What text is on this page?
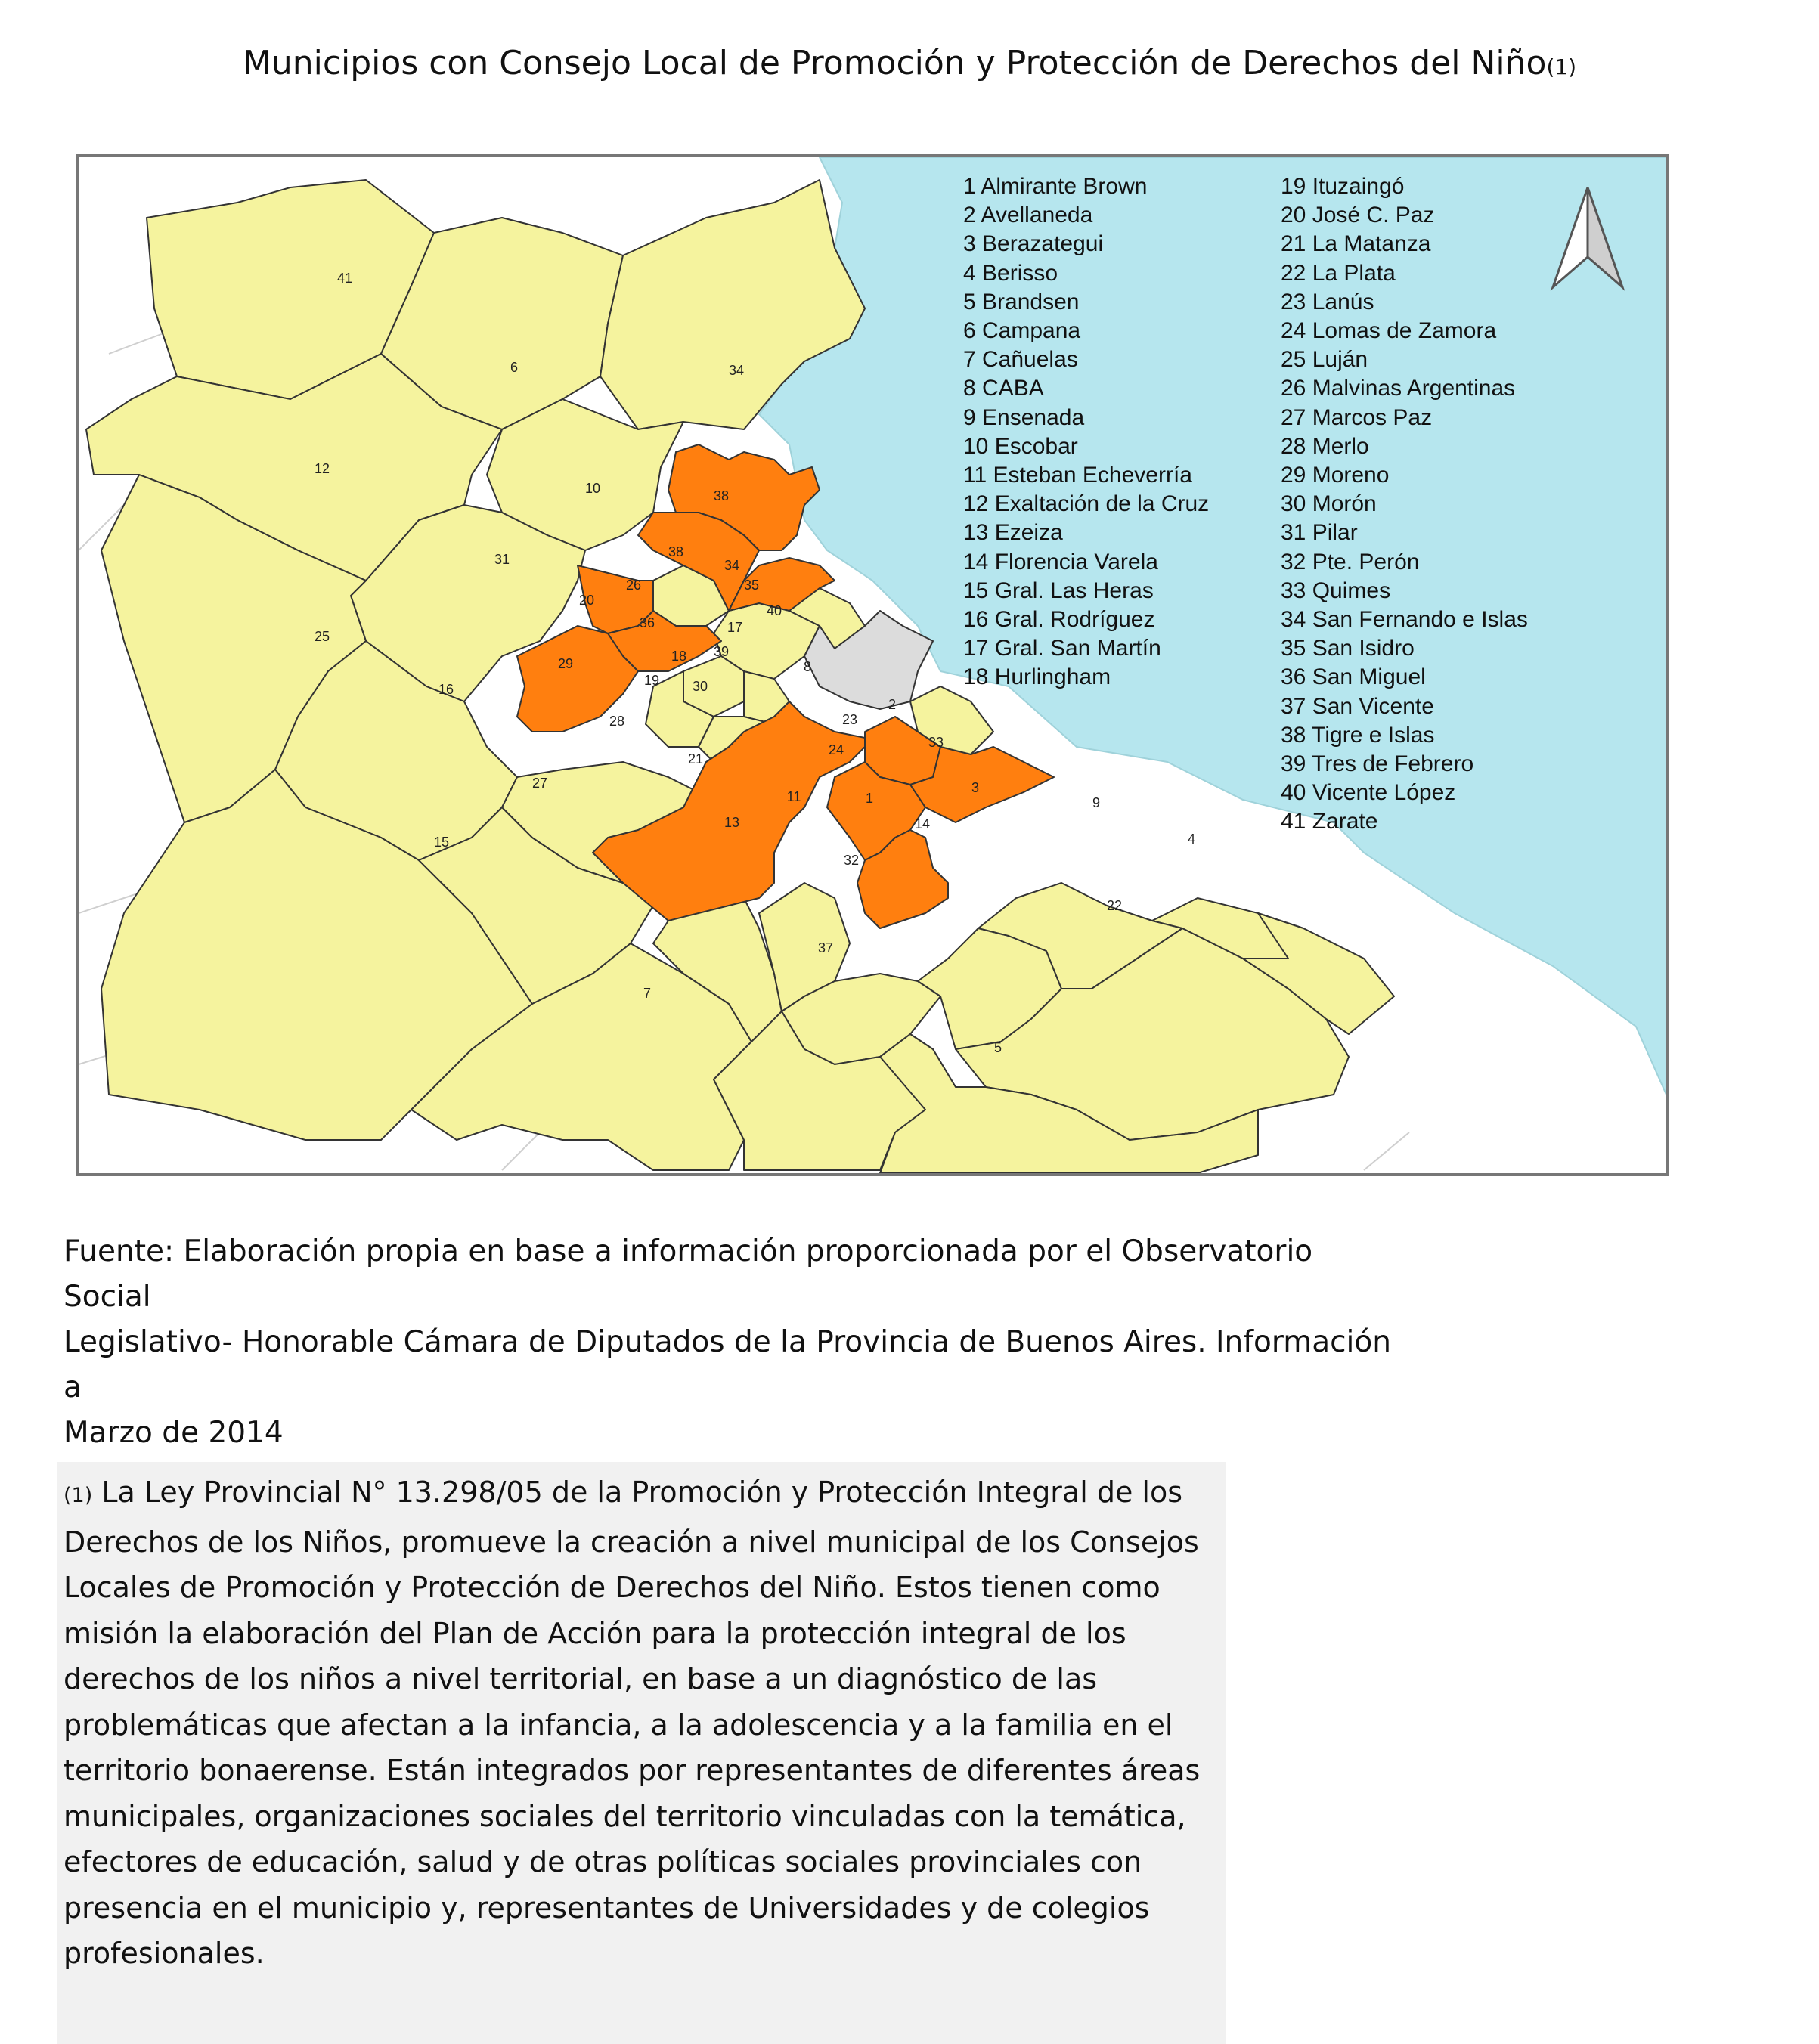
Municipios con Consejo Local de Promoción y Protección de Derechos del Niño(1)
41
6	34
12
10	38
31	38
34
35
26
20
36
40
17
25
29	18 39
8
19 30
16
2
28	23
33
24
21
27	3
9
11	1
14
13
4
15
32
22
37
7
5
1 Almirante Brown
2 Avellaneda
3 Berazategui
4 Berisso
5 Brandsen
6 Campana
7 Cañuelas
8 CABA
9 Ensenada
10 Escobar
11 Esteban Echeverría
12 Exaltación de la Cruz
13 Ezeiza
14 Florencia Varela
15 Gral. Las Heras
16 Gral. Rodríguez
17 Gral. San Martín
18 Hurlingham
19 Ituzaingó
20 José C. Paz
21 La Matanza
22 La Plata
23 Lanús
24 Lomas de Zamora
25 Luján
26 Malvinas Argentinas
27 Marcos Paz
28 Merlo
29 Moreno
30 Morón
31 Pilar
32 Pte. Perón
33 Quimes
34 San Fernando e Islas
35 San Isidro
36 San Miguel
37 San Vicente
38 Tigre e Islas
39 Tres de Febrero
40 Vicente López
41 Zarate
Fuente: Elaboración propia en base a información proporcionada por el Observatorio Social
Legislativo- Honorable Cámara de Diputados de la Provincia de Buenos Aires. Información a
Marzo de 2014

(1) La Ley Provincial N° 13.298/05 de la Promoción y Protección Integral de los
Derechos de los Niños, promueve la creación a nivel municipal de los Consejos
Locales de Promoción y Protección de Derechos del Niño. Estos tienen como
misión la elaboración del Plan de Acción para la protección integral de los
derechos de los niños a nivel territorial, en base a un diagnóstico de las
problemáticas que afectan a la infancia, a la adolescencia y a la familia en el
territorio bonaerense. Están integrados por representantes de diferentes áreas
municipales, organizaciones sociales del territorio vinculadas con la temática,
efectores de educación, salud y de otras políticas sociales provinciales con
presencia en el municipio y, representantes de Universidades y de colegios
profesionales.
